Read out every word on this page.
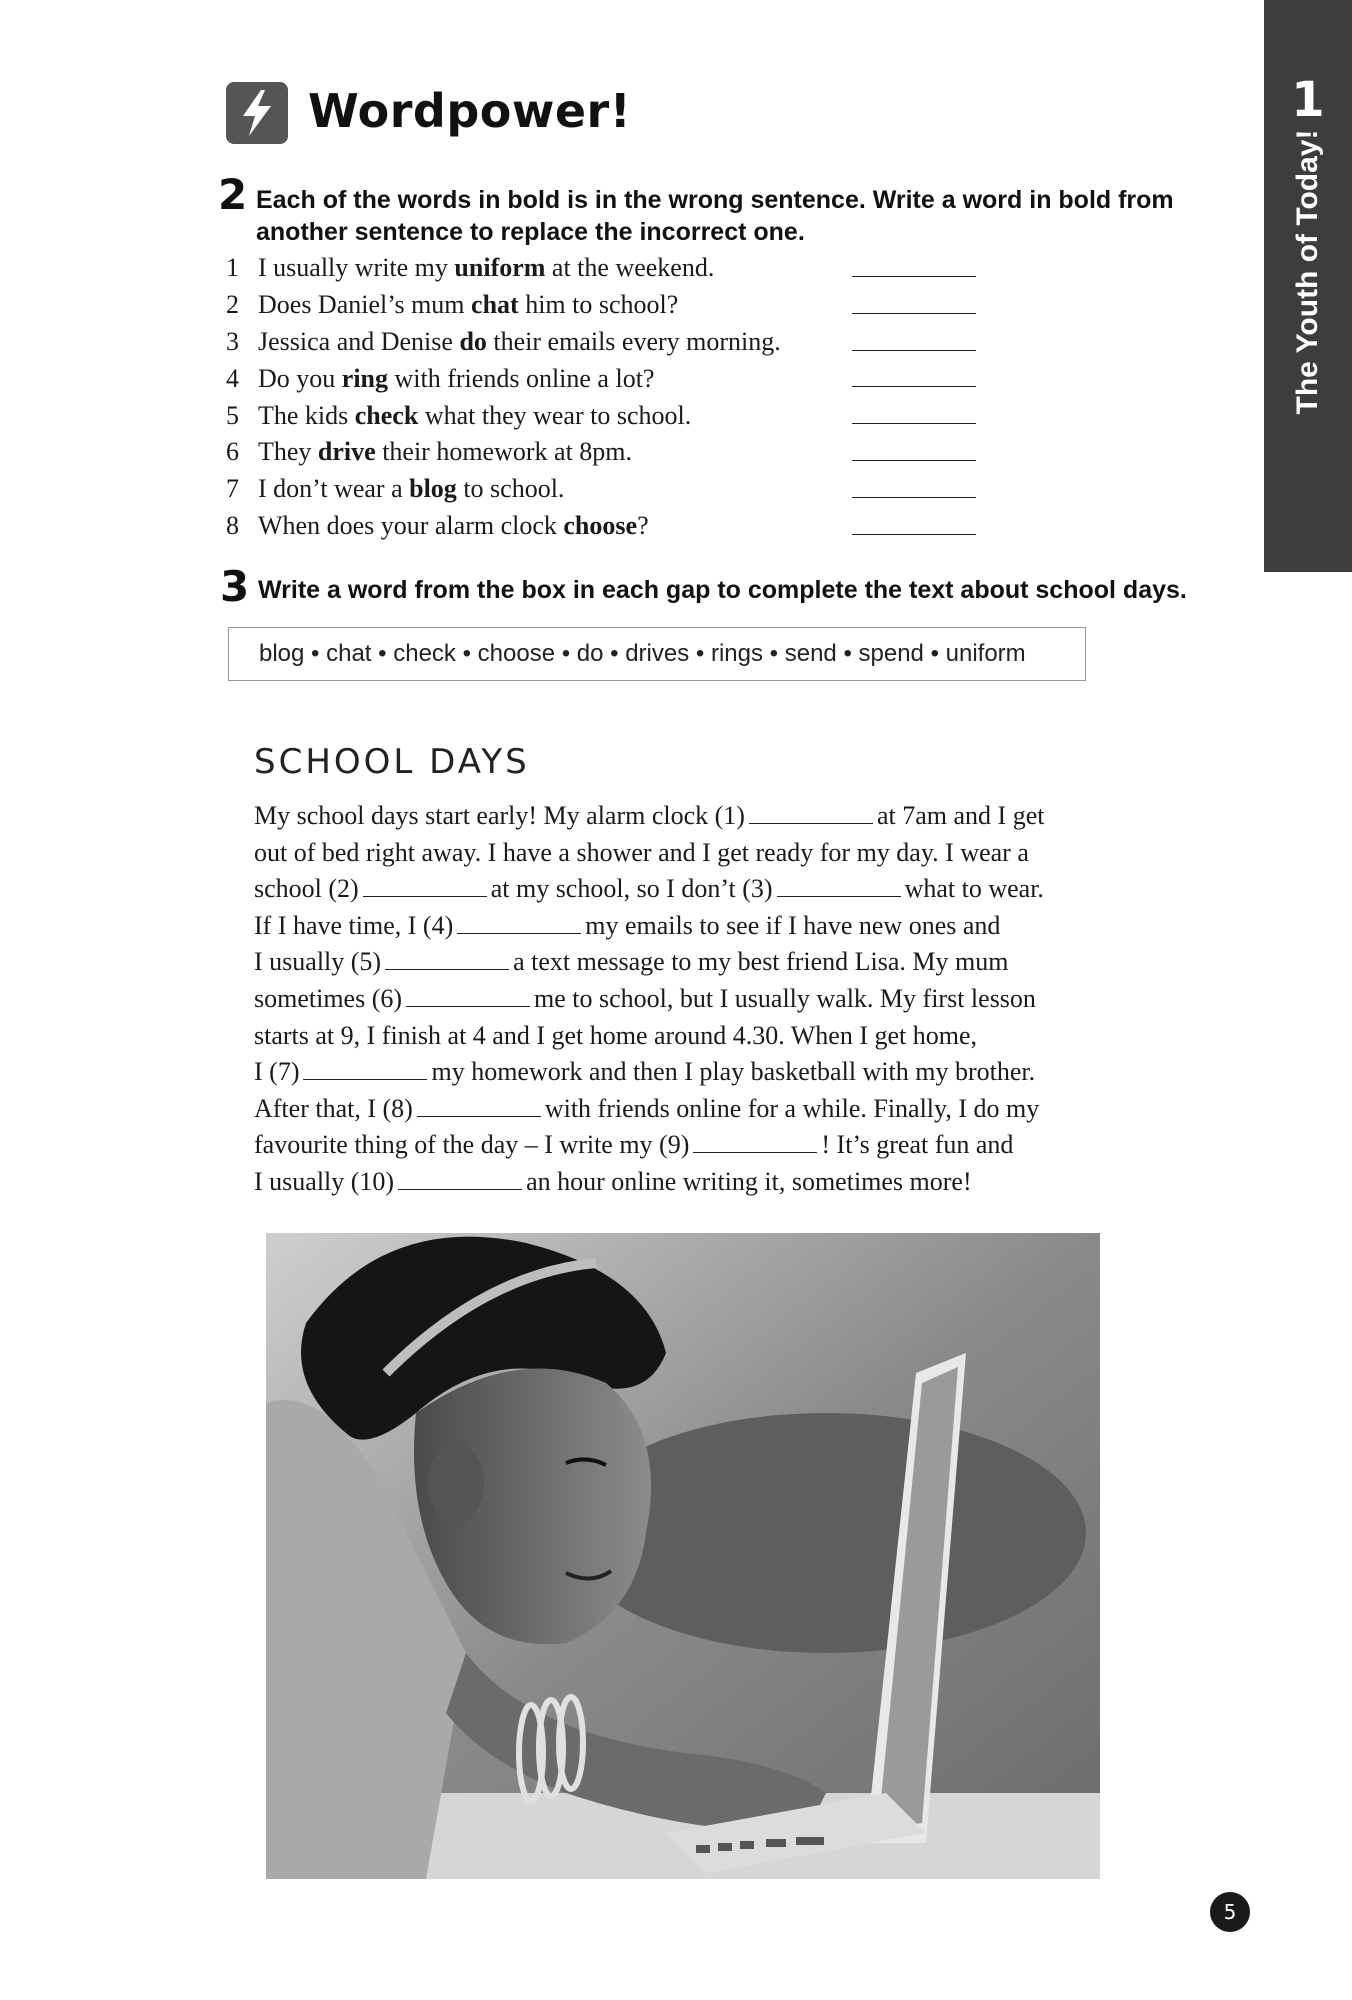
1
The Youth of Today!
Wordpower!
2 Each of the words in bold is in the wrong sentence. Write a word in bold from
another sentence to replace the incorrect one.
1 I usually write my uniform at the weekend.
2 Does Daniel’s mum chat him to school?
3 Jessica and Denise do their emails every morning.
4 Do you ring with friends online a lot?
5 The kids check what they wear to school.
6 They drive their homework at 8pm.
7 I don’t wear a blog to school.
8 When does your alarm clock choose?
3 Write a word from the box in each gap to complete the text about school days.
blog • chat • check • choose • do • drives • rings • send • spend • uniform
SCHOOL DAYS
My school days start early! My alarm clock (1)	at 7am and I get
out of bed right away. I have a shower and I get ready for my day. I wear a
school (2)	at my school, so I don’t (3)	what to wear.
If I have time, I (4)	my emails to see if I have new ones and
I usually (5)	a text message to my best friend Lisa. My mum
sometimes (6)	me to school, but I usually walk. My first lesson
starts at 9, I finish at 4 and I get home around 4.30. When I get home,
I (7)	my homework and then I play basketball with my brother.
After that, I (8)	with friends online for a while. Finally, I do my
favourite thing of the day – I write my (9)	! It’s great fun and
I usually (10)	an hour online writing it, sometimes more!
5
